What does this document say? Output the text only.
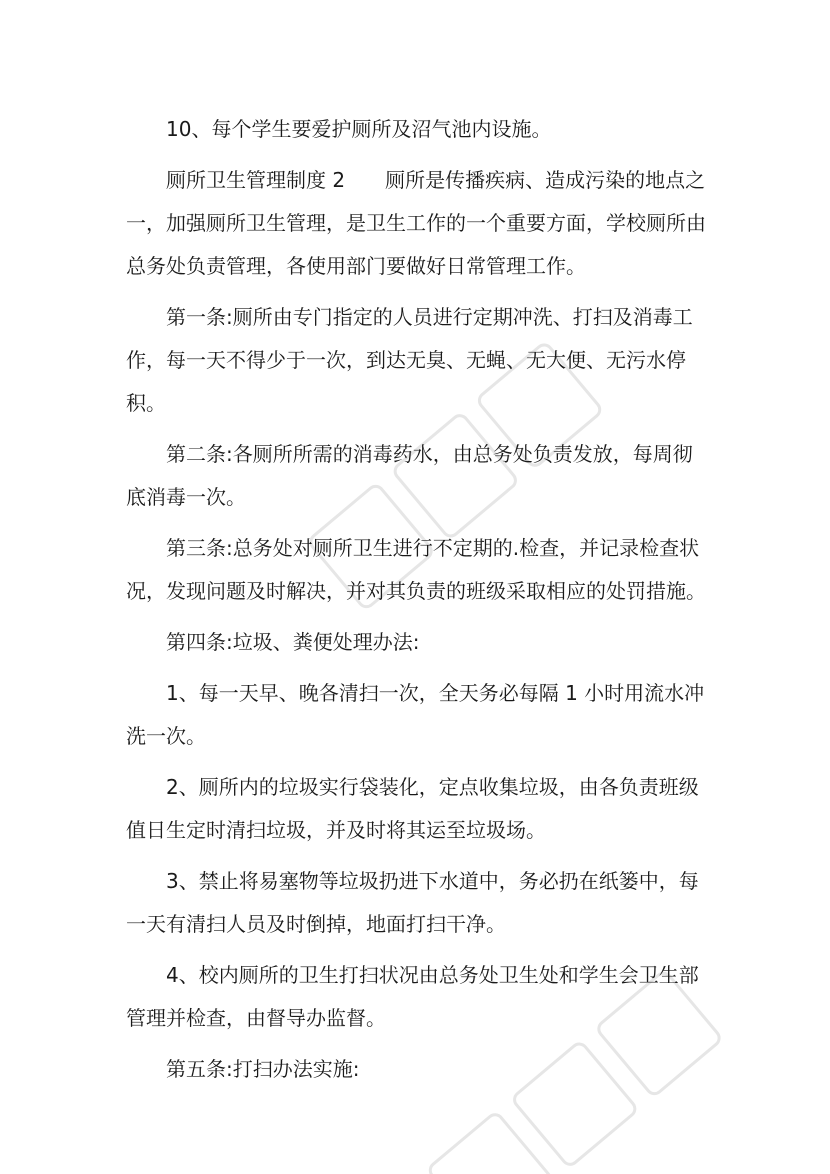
10、每个学生要爱护厕所及沼气池内设施。

厕所卫生管理制度 2　　厕所是传播疾病、造成污染的地点之一，加强厕所卫生管理，是卫生工作的一个重要方面，学校厕所由总务处负责管理，各使用部门要做好日常管理工作。

第一条:厕所由专门指定的人员进行定期冲洗、打扫及消毒工作，每一天不得少于一次，到达无臭、无蝇、无大便、无污水停积。

第二条:各厕所所需的消毒药水，由总务处负责发放，每周彻底消毒一次。

第三条:总务处对厕所卫生进行不定期的.检查，并记录检查状况，发现问题及时解决，并对其负责的班级采取相应的处罚措施。

第四条:垃圾、粪便处理办法:

1、每一天早、晚各清扫一次，全天务必每隔 1 小时用流水冲洗一次。

2、厕所内的垃圾实行袋装化，定点收集垃圾，由各负责班级值日生定时清扫垃圾，并及时将其运至垃圾场。

3、禁止将易塞物等垃圾扔进下水道中，务必扔在纸篓中，每一天有清扫人员及时倒掉，地面打扫干净。

4、校内厕所的卫生打扫状况由总务处卫生处和学生会卫生部管理并检查，由督导办监督。

第五条:打扫办法实施:
